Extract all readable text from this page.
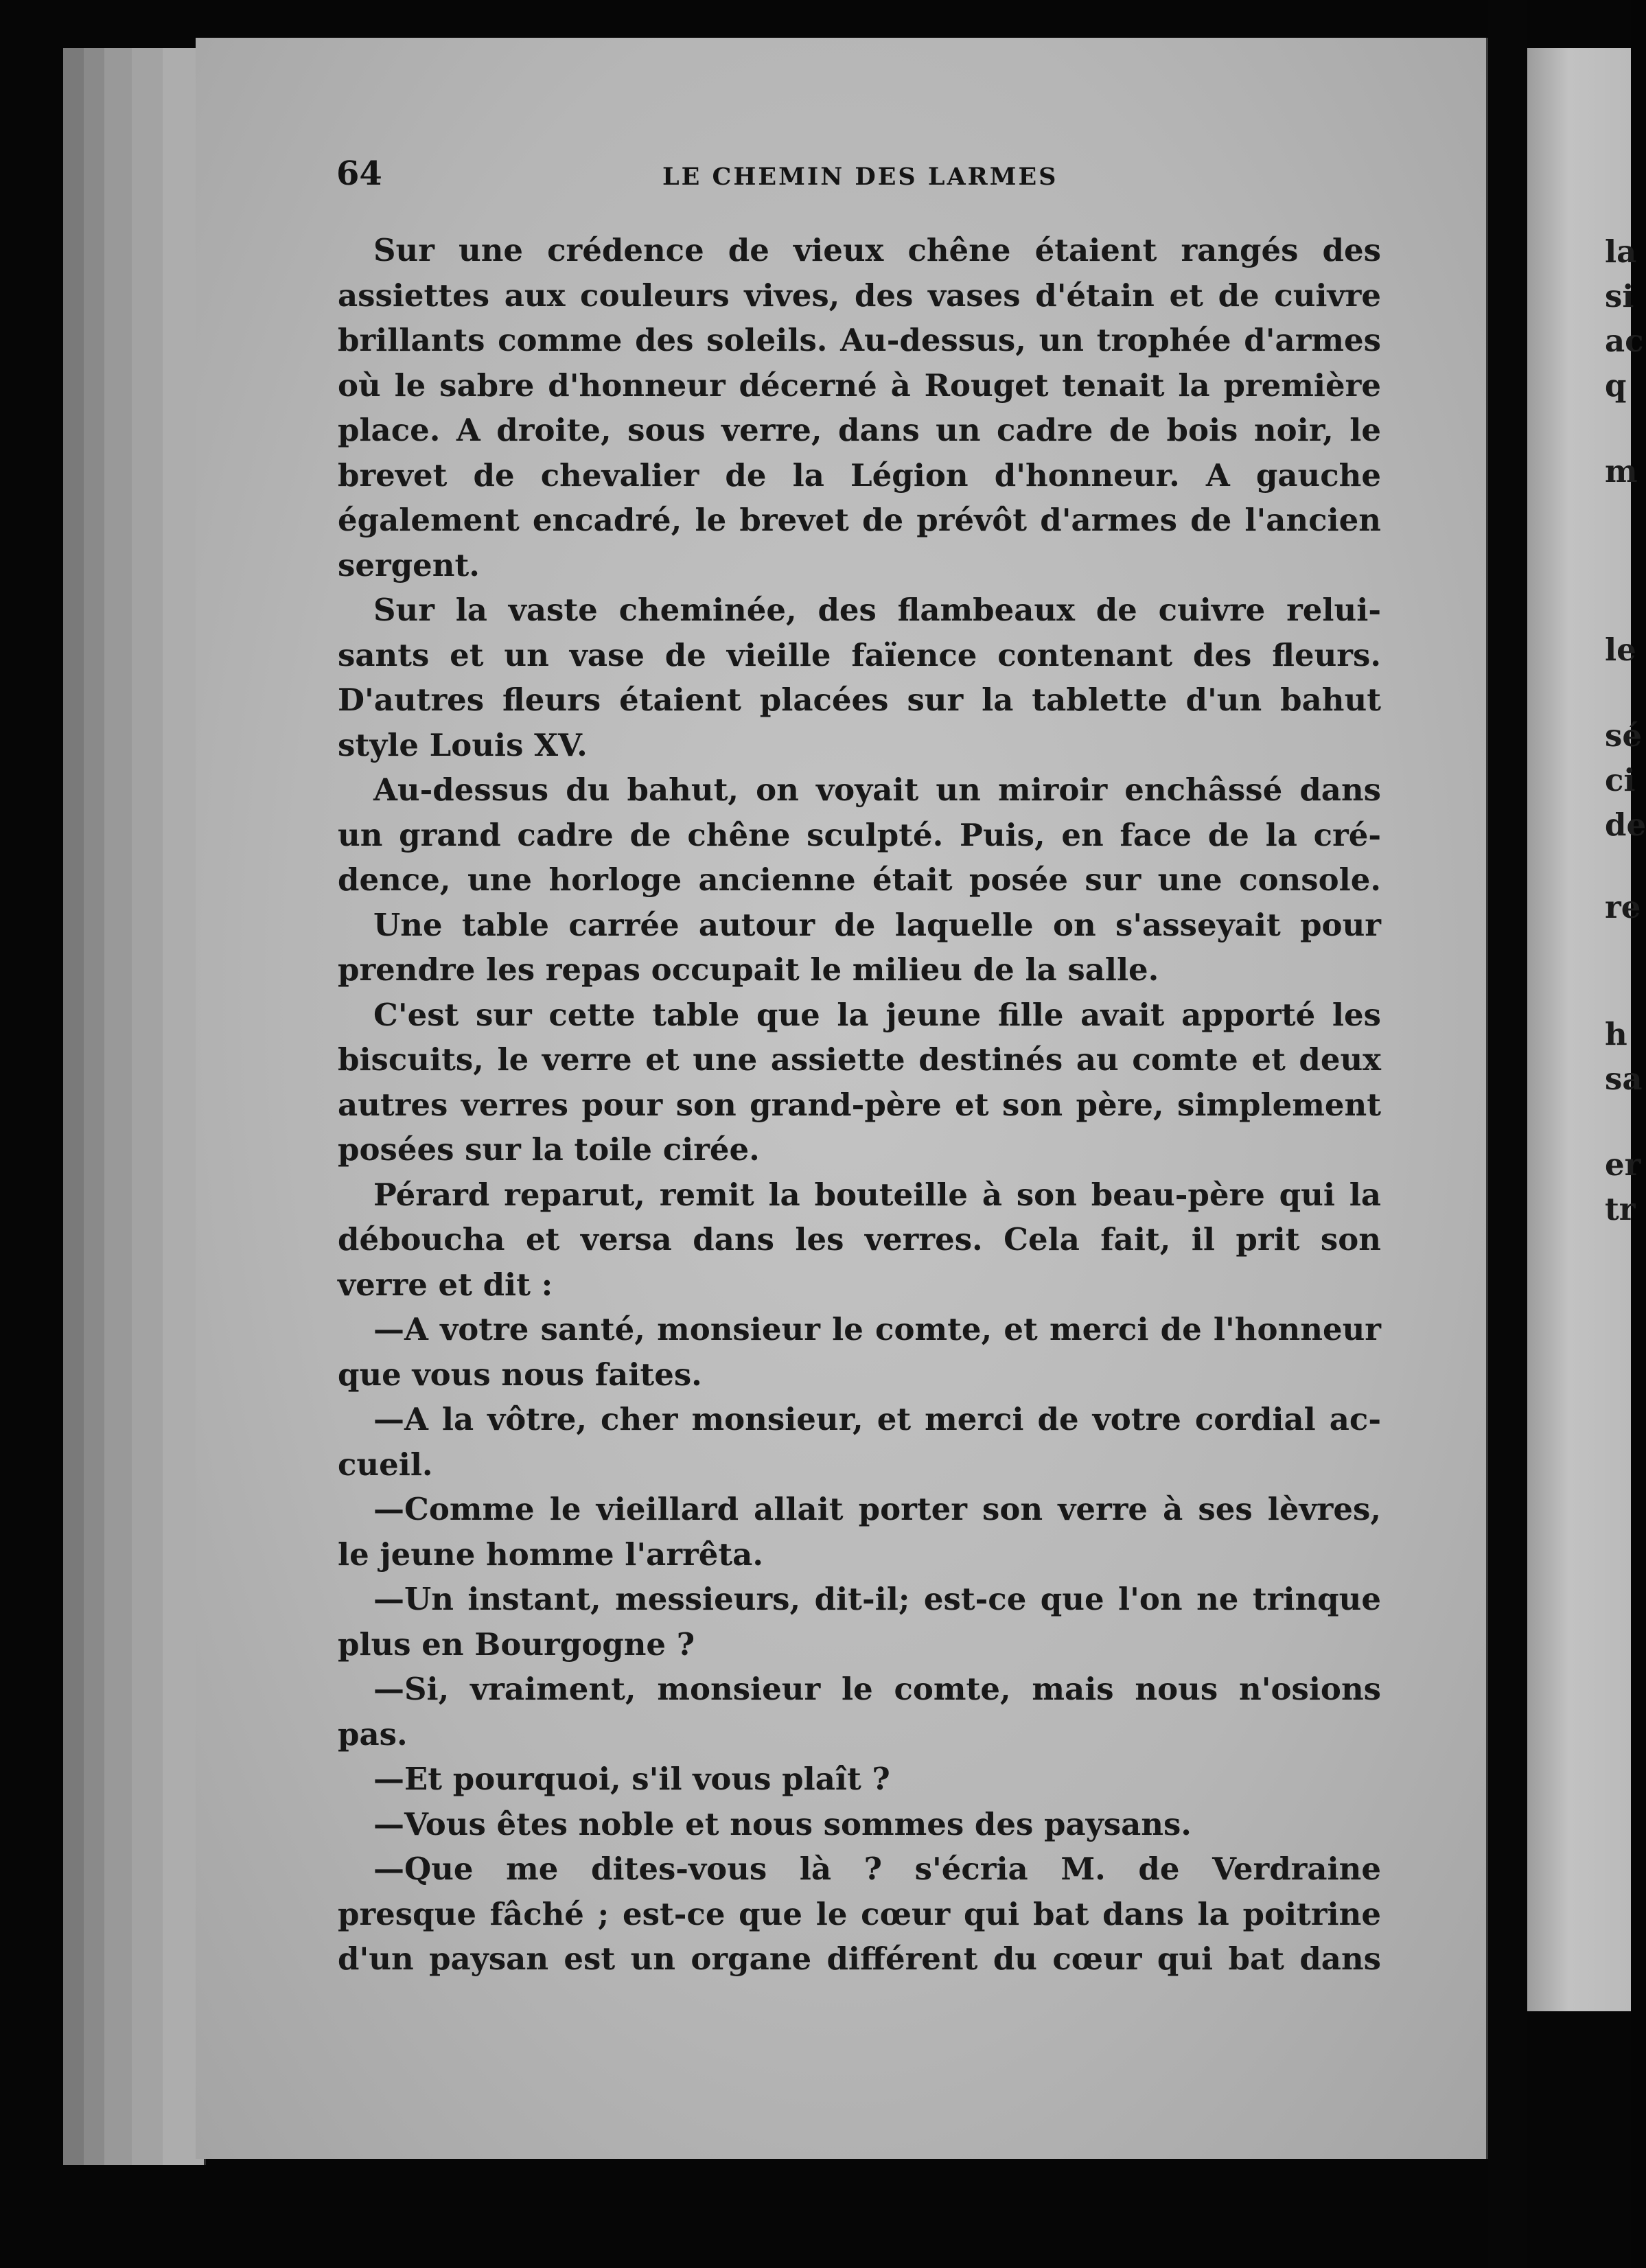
64	LE CHEMIN DES LARMES
Sur une crédence de vieux chêne étaient rangés des
assiettes aux couleurs vives, des vases d'étain et de cuivre
brillants comme des soleils. Au-dessus, un trophée d'armes
où le sabre d'honneur décerné à Rouget tenait la première
place. A droite, sous verre, dans un cadre de bois noir, le
brevet de chevalier de la Légion d'honneur. A gauche
également encadré, le brevet de prévôt d'armes de l'ancien
sergent.
Sur la vaste cheminée, des flambeaux de cuivre relui-
sants et un vase de vieille faïence contenant des fleurs.
D'autres fleurs étaient placées sur la tablette d'un bahut
style Louis XV.
Au-dessus du bahut, on voyait un miroir enchâssé dans
un grand cadre de chêne sculpté. Puis, en face de la cré-
dence, une horloge ancienne était posée sur une console.
Une table carrée autour de laquelle on s'asseyait pour
prendre les repas occupait le milieu de la salle.
C'est sur cette table que la jeune fille avait apporté les
biscuits, le verre et une assiette destinés au comte et deux
autres verres pour son grand-père et son père, simplement
posées sur la toile cirée.
Pérard reparut, remit la bouteille à son beau-père qui la
déboucha et versa dans les verres. Cela fait, il prit son
verre et dit :
—A votre santé, monsieur le comte, et merci de l'honneur
que vous nous faites.
—A la vôtre, cher monsieur, et merci de votre cordial ac-
cueil.
—Comme le vieillard allait porter son verre à ses lèvres,
le jeune homme l'arrêta.
—Un instant, messieurs, dit-il; est-ce que l'on ne trinque
plus en Bourgogne ?
—Si, vraiment, monsieur le comte, mais nous n'osions
pas.
—Et pourquoi, s'il vous plaît ?
—Vous êtes noble et nous sommes des paysans.
—Que me dites-vous là ? s'écria M. de Verdraine
presque fâché ; est-ce que le cœur qui bat dans la poitrine
d'un paysan est un organe différent du cœur qui bat dans
la
si
ac
q
m
le
sé
ci
de
re
h
sa
er
tr
